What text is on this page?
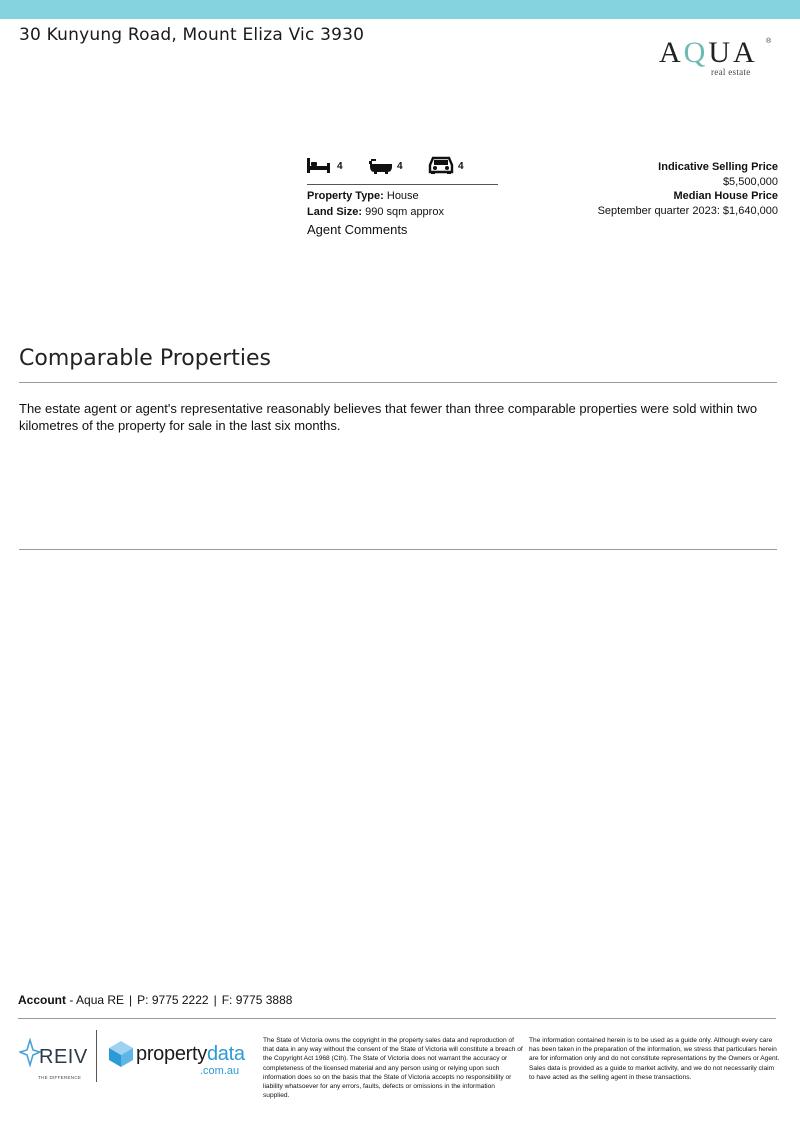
30 Kunyung Road, Mount Eliza Vic 3930
AQUA ®
real estate
4	4	4
Property Type: House
Land Size: 990 sqm approx
Agent Comments
Indicative Selling Price
$5,500,000
Median House Price
September quarter 2023: $1,640,000
Comparable Properties
The estate agent or agent's representative reasonably believes that fewer than three comparable properties were sold within two kilometres of the property for sale in the last six months.
Account - Aqua RE | P: 9775 2222 | F: 9775 3888
REIV
THE DIFFERENCE
propertydata
.com.au
The State of Victoria owns the copyright in the property sales data and reproduction of that data in any way without the consent of the State of Victoria will constitute a breach of the Copyright Act 1968 (Cth). The State of Victoria does not warrant the accuracy or completeness of the licensed material and any person using or relying upon such information does so on the basis that the State of Victoria accepts no responsibility or liability whatsoever for any errors, faults, defects or omissions in the information supplied.
The information contained herein is to be used as a guide only. Although every care has been taken in the preparation of the information, we stress that particulars herein are for information only and do not constitute representations by the Owners or Agent. Sales data is provided as a guide to market activity, and we do not necessarily claim to have acted as the selling agent in these transactions.
